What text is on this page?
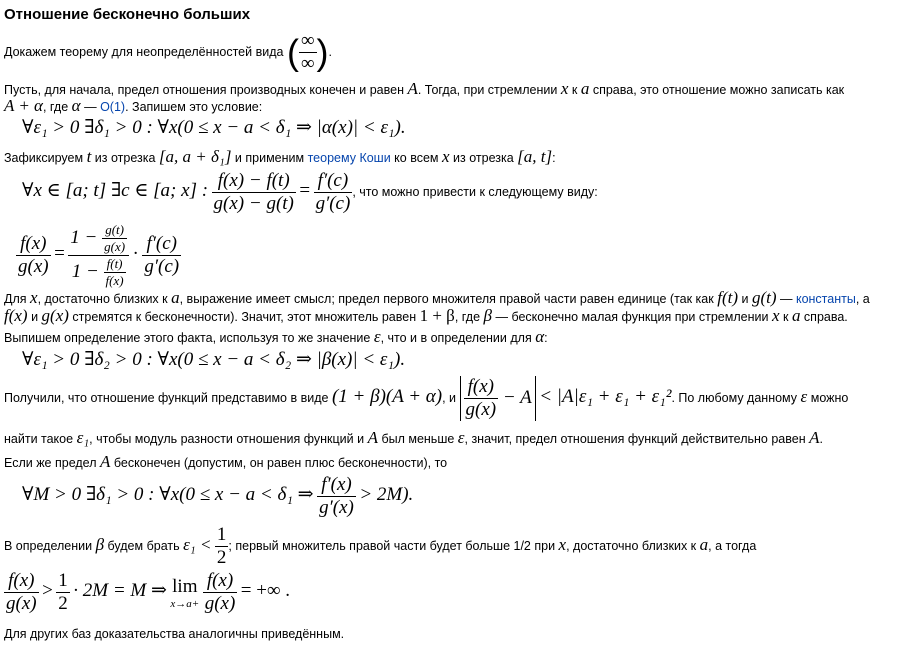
Отношение бесконечно больших
Докажем теорему для неопределённостей вида ( ∞
∞ ).
Пусть, для начала, предел отношения производных конечен и равен A. Тогда, при стремлении x к a справа, это отношение можно записать как
A + α, где α — O(1). Запишем это условие:
∀ε₁ > 0 ∃δ₁ > 0 : ∀x(0 ≤ x − a < δ₁ ⇒ |α(x)| < ε₁).
Зафиксируем t из отрезка [a, a + δ₁] и применим теорему Коши ко всем x из отрезка [a, t]:
∀x ∈ [a; t] ∃c ∈ [a; x] : $\frac{f(x) - f(t)}{g(x) - g(t)} = \frac{f'(c)}{g'(c)}$ , что можно привести к следующему виду:
$\frac{f(x)}{g(x)} = \frac{1 - \frac{g(t)}{g(x)}}{1 - \frac{f(t)}{f(x)}} \cdot \frac{f'(c)}{g'(c)}$
Для x, достаточно близких к a, выражение имеет смысл; предел первого множителя правой части равен единице (так как f(t) и g(t) — константы, а
f(x) и g(x) стремятся к бесконечности). Значит, этот множитель равен 1 + β, где β — бесконечно малая функция при стремлении x к a справа.
Выпишем определение этого факта, используя то же значение ε, что и в определении для α:
∀ε₁ > 0 ∃δ₂ > 0 : ∀x(0 ≤ x − a < δ₂ ⇒ |β(x)| < ε₁).
Получили, что отношение функций представимо в виде (1 + β)(A + α), и $\frac{f(x)}{g(x)} - A < |A|\varepsilon_1 + \varepsilon_1 + \varepsilon_1^2$. По любому данному ε можно
найти такое ε₁, чтобы модуль разности отношения функций и A был меньше ε, значит, предел отношения функций действительно равен A.
Если же предел A бесконечен (допустим, он равен плюс бесконечности), то
∀M > 0 ∃δ₁ > 0 : ∀x(0 ≤ x − a < δ₁ ⇒ $\frac{f'(x)}{g'(x)} > 2M$).
В определении β будем брать $\varepsilon_1 < \frac{1}{2}$ ; первый множитель правой части будет больше 1/2 при x, достаточно близких к a, а тогда
$\frac{f(x)}{g(x)} > \frac{1}{2} \cdot 2M = M$ ⇒ lim
x→a+
$\frac{f(x)}{g(x)}$ = +∞ .
Для других баз доказательства аналогичны приведённым.
